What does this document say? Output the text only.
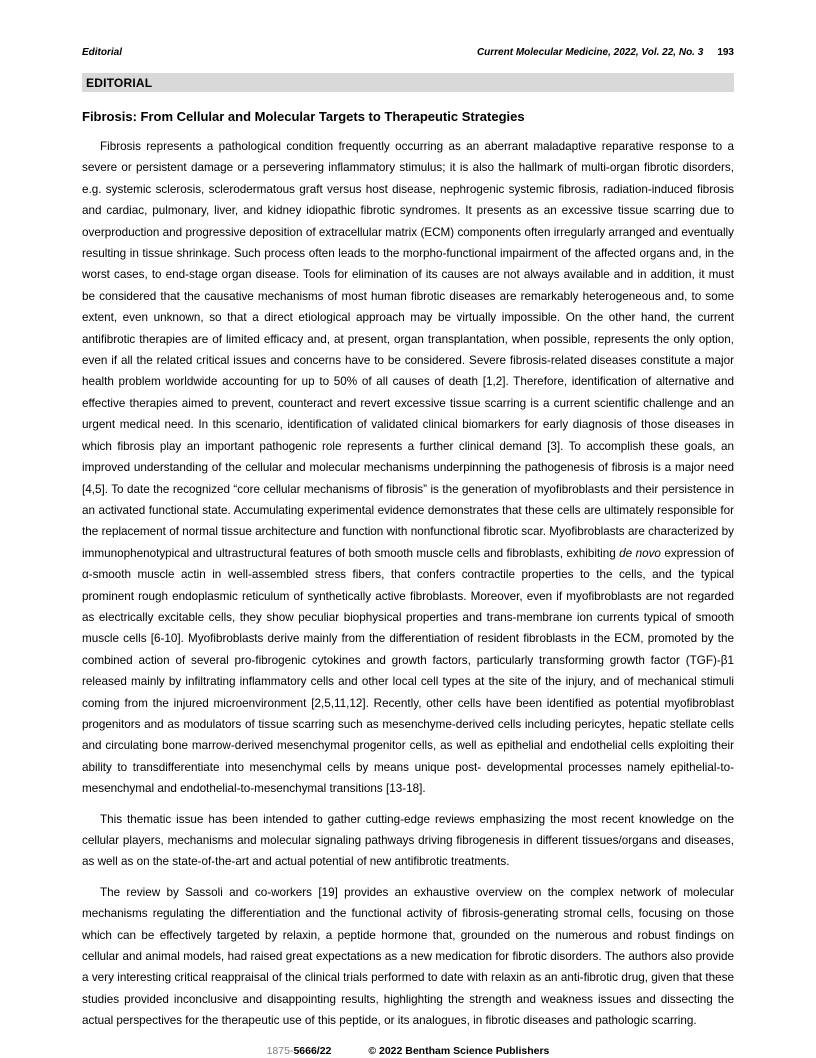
Editorial	Current Molecular Medicine, 2022, Vol. 22, No. 3 193
EDITORIAL
Fibrosis: From Cellular and Molecular Targets to Therapeutic Strategies

Fibrosis represents a pathological condition frequently occurring as an aberrant maladaptive reparative response to a severe or persistent damage or a persevering inflammatory stimulus; it is also the hallmark of multi-organ fibrotic disorders, e.g. systemic sclerosis, sclerodermatous graft versus host disease, nephrogenic systemic fibrosis, radiation-induced fibrosis and cardiac, pulmonary, liver, and kidney idiopathic fibrotic syndromes. It presents as an excessive tissue scarring due to overproduction and progressive deposition of extracellular matrix (ECM) components often irregularly arranged and eventually resulting in tissue shrinkage. Such process often leads to the morpho-functional impairment of the affected organs and, in the worst cases, to end-stage organ disease. Tools for elimination of its causes are not always available and in addition, it must be considered that the causative mechanisms of most human fibrotic diseases are remarkably heterogeneous and, to some extent, even unknown, so that a direct etiological approach may be virtually impossible. On the other hand, the current antifibrotic therapies are of limited efficacy and, at present, organ transplantation, when possible, represents the only option, even if all the related critical issues and concerns have to be considered. Severe fibrosis-related diseases constitute a major health problem worldwide accounting for up to 50% of all causes of death [1,2]. Therefore, identification of alternative and effective therapies aimed to prevent, counteract and revert excessive tissue scarring is a current scientific challenge and an urgent medical need. In this scenario, identification of validated clinical biomarkers for early diagnosis of those diseases in which fibrosis play an important pathogenic role represents a further clinical demand [3]. To accomplish these goals, an improved understanding of the cellular and molecular mechanisms underpinning the pathogenesis of fibrosis is a major need [4,5]. To date the recognized “core cellular mechanisms of fibrosis” is the generation of myofibroblasts and their persistence in an activated functional state. Accumulating experimental evidence demonstrates that these cells are ultimately responsible for the replacement of normal tissue architecture and function with nonfunctional fibrotic scar. Myofibroblasts are characterized by immunophenotypical and ultrastructural features of both smooth muscle cells and fibroblasts, exhibiting de novo expression of α-smooth muscle actin in well-assembled stress fibers, that confers contractile properties to the cells, and the typical prominent rough endoplasmic reticulum of synthetically active fibroblasts. Moreover, even if myofibroblasts are not regarded as electrically excitable cells, they show peculiar biophysical properties and trans-membrane ion currents typical of smooth muscle cells [6-10]. Myofibroblasts derive mainly from the differentiation of resident fibroblasts in the ECM, promoted by the combined action of several pro-fibrogenic cytokines and growth factors, particularly transforming growth factor (TGF)-β1 released mainly by infiltrating inflammatory cells and other local cell types at the site of the injury, and of mechanical stimuli coming from the injured microenvironment [2,5,11,12]. Recently, other cells have been identified as potential myofibroblast progenitors and as modulators of tissue scarring such as mesenchyme-derived cells including pericytes, hepatic stellate cells and circulating bone marrow-derived mesenchymal progenitor cells, as well as epithelial and endothelial cells exploiting their ability to transdifferentiate into mesenchymal cells by means unique post- developmental processes namely epithelial-to-mesenchymal and endothelial-to-mesenchymal transitions [13-18].

This thematic issue has been intended to gather cutting-edge reviews emphasizing the most recent knowledge on the cellular players, mechanisms and molecular signaling pathways driving fibrogenesis in different tissues/organs and diseases, as well as on the state-of-the-art and actual potential of new antifibrotic treatments.

The review by Sassoli and co-workers [19] provides an exhaustive overview on the complex network of molecular mechanisms regulating the differentiation and the functional activity of fibrosis-generating stromal cells, focusing on those which can be effectively targeted by relaxin, a peptide hormone that, grounded on the numerous and robust findings on cellular and animal models, had raised great expectations as a new medication for fibrotic disorders. The authors also provide a very interesting critical reappraisal of the clinical trials performed to date with relaxin as an anti-fibrotic drug, given that these studies provided inconclusive and disappointing results, highlighting the strength and weakness issues and dissecting the actual perspectives for the therapeutic use of this peptide, or its analogues, in fibrotic diseases and pathologic scarring.

1875-5666/22	© 2022 Bentham Science Publishers
